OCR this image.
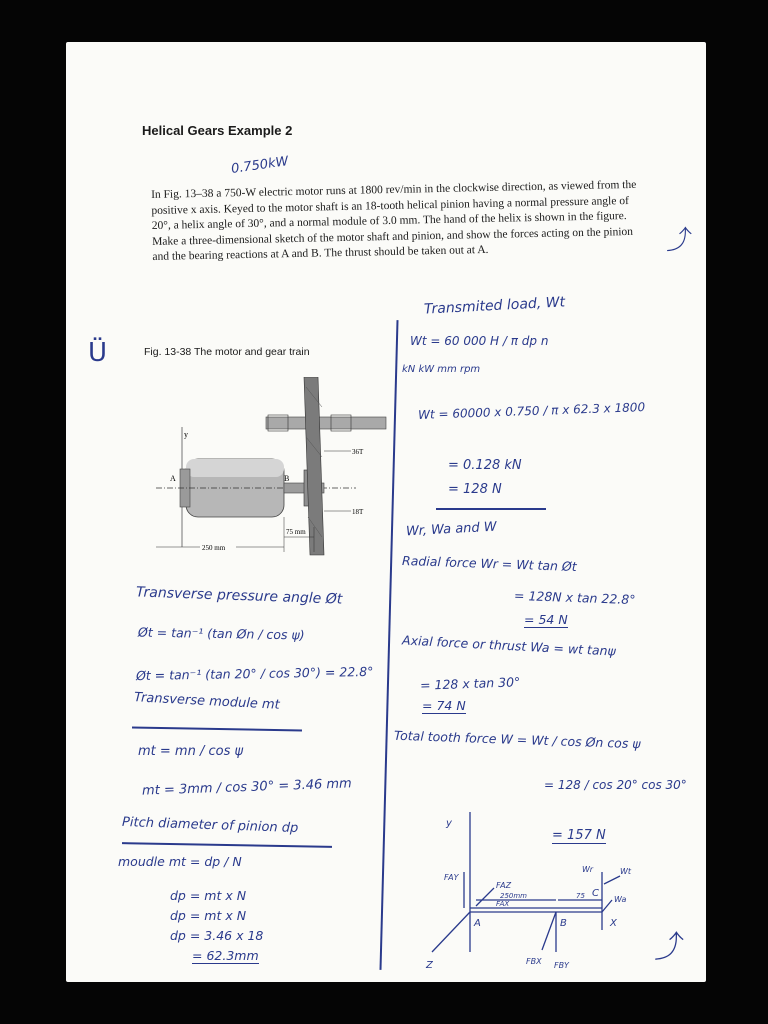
Helical Gears Example 2
0.750kW
In Fig. 13–38 a 750-W electric motor runs at 1800 rev/min in the clockwise direction, as viewed from the positive x axis. Keyed to the motor shaft is an 18-tooth helical pinion having a normal pressure angle of 20°, a helix angle of 30°, and a normal module of 3.0 mm. The hand of the helix is shown in the figure. Make a three-dimensional sketch of the motor shaft and pinion, and show the forces acting on the pinion and the bearing reactions at A and B. The thrust should be taken out at A.
Fig. 13-38 The motor and gear train
Ü
⤴
⤴
y
A	B
36T
18T
250 mm
75 mm
Transverse pressure angle Øt
Øt = tan⁻¹ (tan Øn / cos ψ)
Øt = tan⁻¹ (tan 20° / cos 30°) = 22.8°
Transverse module mt
mt = mn / cos ψ
mt = 3mm / cos 30° = 3.46 mm
Pitch diameter of pinion dp
moudle mt = dp / N
dp = mt x N
dp = mt x N
dp = 3.46 x 18
= 62.3mm
Transmited load, Wt
Wt = 60 000 H / π dp n
kN kW mm rpm
Wt = 60000 x 0.750 / π x 62.3 x 1800
= 0.128 kN
= 128 N
Wr, Wa and W
Radial force Wr = Wt tan Øt
= 128N x tan 22.8°
= 54 N
Axial force or thrust Wa = wt tanψ
= 128 x tan 30°
= 74 N
Total tooth force W = Wt / cos Øn cos ψ
= 128 / cos 20° cos 30°
= 157 N
y
Z
X
A	B
C
FAY
FAZ
FAX
FBX FBY
Wt
Wa
Wr
250mm	75
